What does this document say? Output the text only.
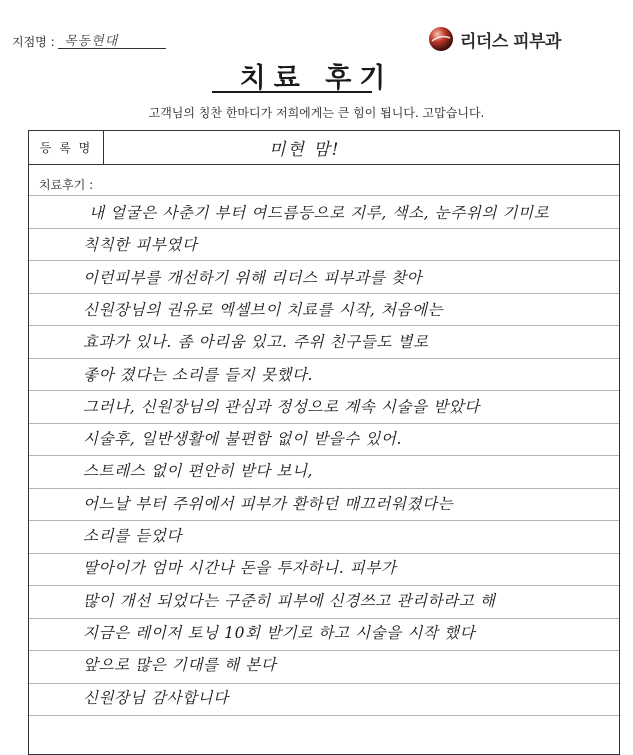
지점명 : 목동현대	리더스 피부과
치료 후기
고객님의 칭찬 한마디가 저희에게는 큰 힘이 됩니다. 고맙습니다.
등 록 명	미현 맘!
치료후기 :
내 얼굴은 사춘기 부터 여드름등으로 지루, 색소, 눈주위의 기미로
칙칙한 피부였다
이런피부를 개선하기 위해 리더스 피부과를 찾아
신원장님의 권유로 엑셀브이 치료를 시작, 처음에는
효과가 있나. 좀 아리움 있고. 주위 친구들도 별로
좋아 졌다는 소리를 들지 못했다.
그러나, 신원장님의 관심과 정성으로 계속 시술을 받았다
시술후, 일반생활에 불편함 없이 받을수 있어.
스트레스 없이 편안히 받다 보니,
어느날 부터 주위에서 피부가 환하던 매끄러워졌다는
소리를 듣었다
딸아이가 엄마 시간나 돈을 투자하니. 피부가
많이 개선 되었다는 구준히 피부에 신경쓰고 관리하라고 해
지금은 레이저 토닝 10회 받기로 하고 시술을 시작 했다
앞으로 많은 기대를 해 본다
신원장님 감사합니다
